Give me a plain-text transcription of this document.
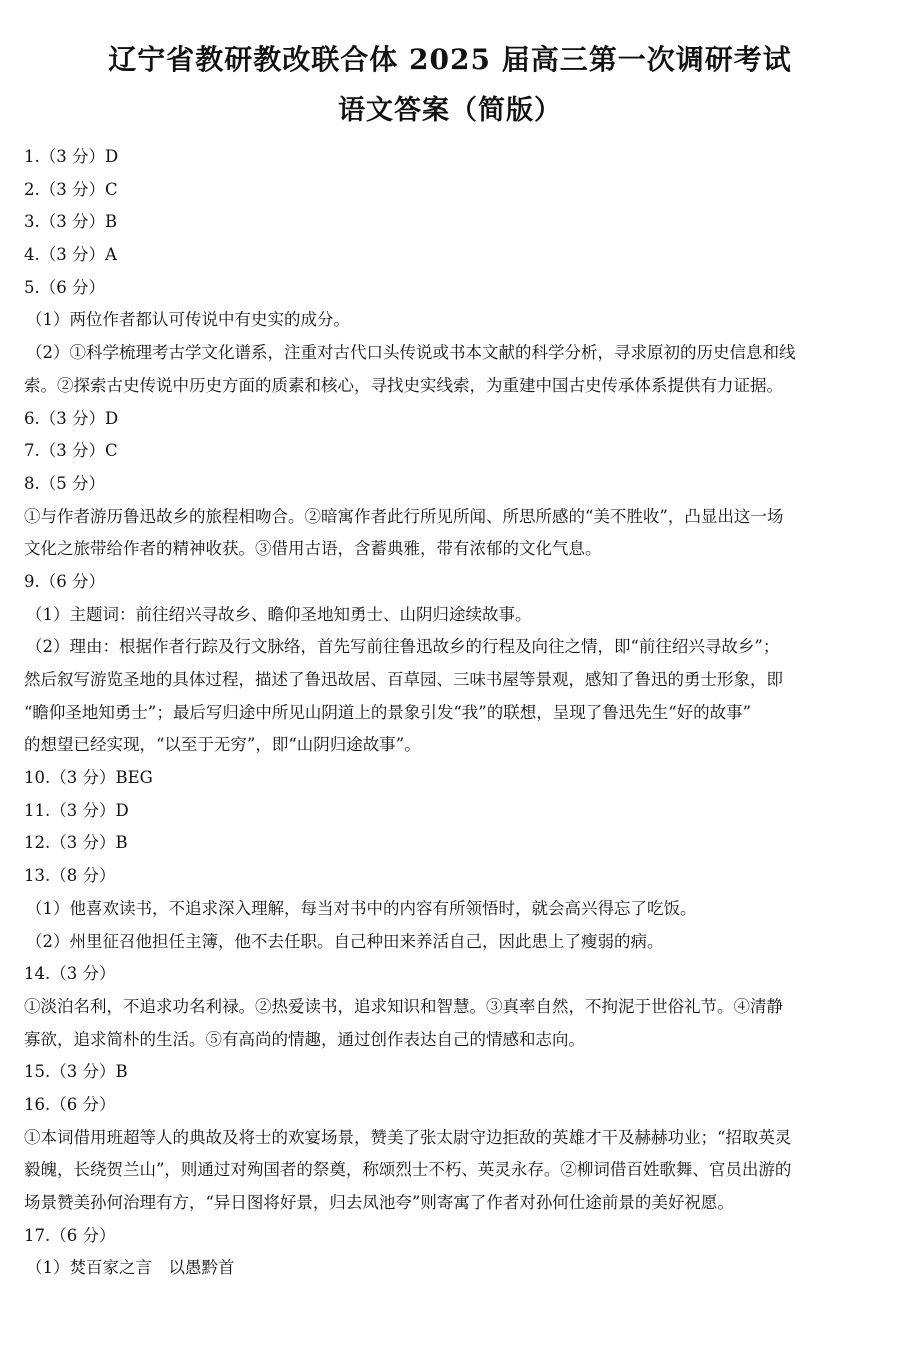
辽宁省教研教改联合体 2025 届高三第一次调研考试
语文答案（简版）
1.（3 分）D
2.（3 分）C
3.（3 分）B
4.（3 分）A
5.（6 分）
（1）两位作者都认可传说中有史实的成分。
（2）①科学梳理考古学文化谱系，注重对古代口头传说或书本文献的科学分析，寻求原初的历史信息和线
索。②探索古史传说中历史方面的质素和核心，寻找史实线索，为重建中国古史传承体系提供有力证据。
6.（3 分）D
7.（3 分）C
8.（5 分）
①与作者游历鲁迅故乡的旅程相吻合。②暗寓作者此行所见所闻、所思所感的“美不胜收”，凸显出这一场
文化之旅带给作者的精神收获。③借用古语，含蓄典雅，带有浓郁的文化气息。
9.（6 分）
（1）主题词：前往绍兴寻故乡、瞻仰圣地知勇士、山阴归途续故事。
（2）理由：根据作者行踪及行文脉络，首先写前往鲁迅故乡的行程及向往之情，即“前往绍兴寻故乡”；
然后叙写游览圣地的具体过程，描述了鲁迅故居、百草园、三味书屋等景观，感知了鲁迅的勇士形象，即
“瞻仰圣地知勇士”；最后写归途中所见山阴道上的景象引发“我”的联想，呈现了鲁迅先生“好的故事”
的想望已经实现，“以至于无穷”，即“山阴归途故事”。
10.（3 分）BEG
11.（3 分）D
12.（3 分）B
13.（8 分）
（1）他喜欢读书，不追求深入理解，每当对书中的内容有所领悟时，就会高兴得忘了吃饭。
（2）州里征召他担任主簿，他不去任职。自己种田来养活自己，因此患上了瘦弱的病。
14.（3 分）
①淡泊名利，不追求功名利禄。②热爱读书，追求知识和智慧。③真率自然，不拘泥于世俗礼节。④清静
寡欲，追求简朴的生活。⑤有高尚的情趣，通过创作表达自己的情感和志向。
15.（3 分）B
16.（6 分）
①本词借用班超等人的典故及将士的欢宴场景，赞美了张太尉守边拒敌的英雄才干及赫赫功业；“招取英灵
毅魄，长绕贺兰山”，则通过对殉国者的祭奠，称颂烈士不朽、英灵永存。②柳词借百姓歌舞、官员出游的
场景赞美孙何治理有方，“异日图将好景，归去凤池夸”则寄寓了作者对孙何仕途前景的美好祝愿。
17.（6 分）
（1）焚百家之言　以愚黔首
